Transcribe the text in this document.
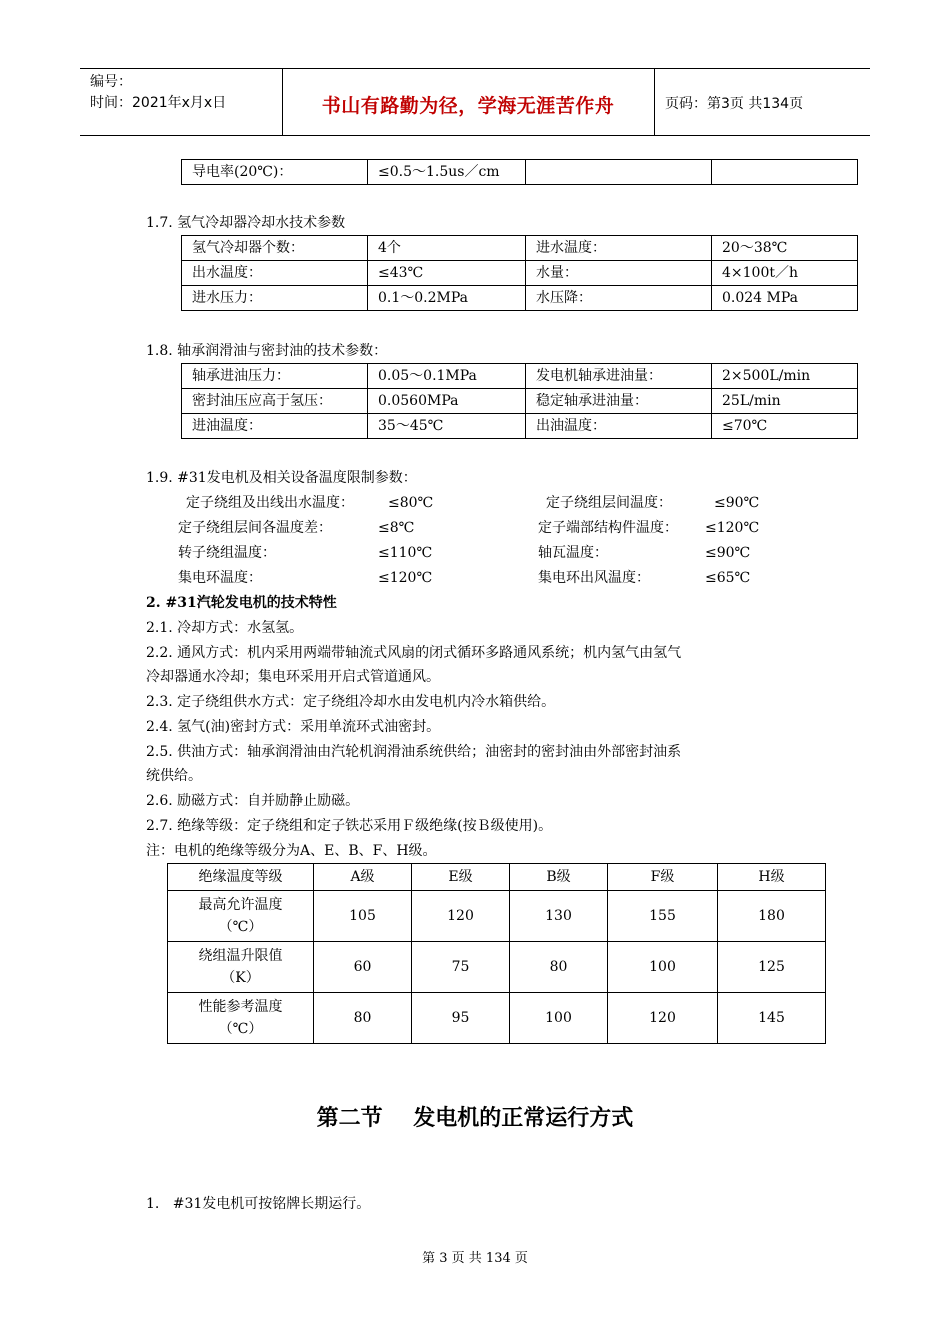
编号：
时间：2021年x月x日	书山有路勤为径，学海无涯苦作舟	页码：第3页 共134页
导电率(20℃)：	≤0.5～1.5us／cm		
1.7. 氢气冷却器冷却水技术参数
氢气冷却器个数：	4个	进水温度：	20～38℃
出水温度：	≤43℃	水量：	4×100t／h
进水压力：	0.1～0.2MPa	水压降：	0.024 MPa
1.8. 轴承润滑油与密封油的技术参数：
轴承进油压力：	0.05～0.1MPa	发电机轴承进油量：	2×500L/min
密封油压应高于氢压：	0.0560MPa	稳定轴承进油量：	25L/min
进油温度：	35～45℃	出油温度：	≤70℃
1.9. #31发电机及相关设备温度限制参数：
定子绕组及出线出水温度： ≤80℃	定子绕组层间温度：	≤90℃
定子绕组层间各温度差：	≤8℃	定子端部结构件温度： ≤120℃
转子绕组温度：	≤110℃	轴瓦温度：	≤90℃
集电环温度：	≤120℃	集电环出风温度：	≤65℃
2. #31汽轮发电机的技术特性
2.1. 冷却方式：水氢氢。
2.2. 通风方式：机内采用两端带轴流式风扇的闭式循环多路通风系统；机内氢气由氢气
冷却器通水冷却；集电环采用开启式管道通风。
2.3. 定子绕组供水方式：定子绕组冷却水由发电机内冷水箱供给。
2.4. 氢气(油)密封方式：采用单流环式油密封。
2.5. 供油方式：轴承润滑油由汽轮机润滑油系统供给；油密封的密封油由外部密封油系
统供给。
2.6. 励磁方式：自并励静止励磁。
2.7. 绝缘等级：定子绕组和定子铁芯采用Ｆ级绝缘(按Ｂ级使用)。
注：电机的绝缘等级分为A、E、B、F、H级。
绝缘温度等级	A级	E级	B级	F级	H级

最高允许温度
（℃）	105	120	130	155	180

绕组温升限值
（K）	60	75	80	100	125

性能参考温度
（℃）	80	95	100	120	145
第二节    发电机的正常运行方式
1.   #31发电机可按铭牌长期运行。
第 3 页 共 134 页
